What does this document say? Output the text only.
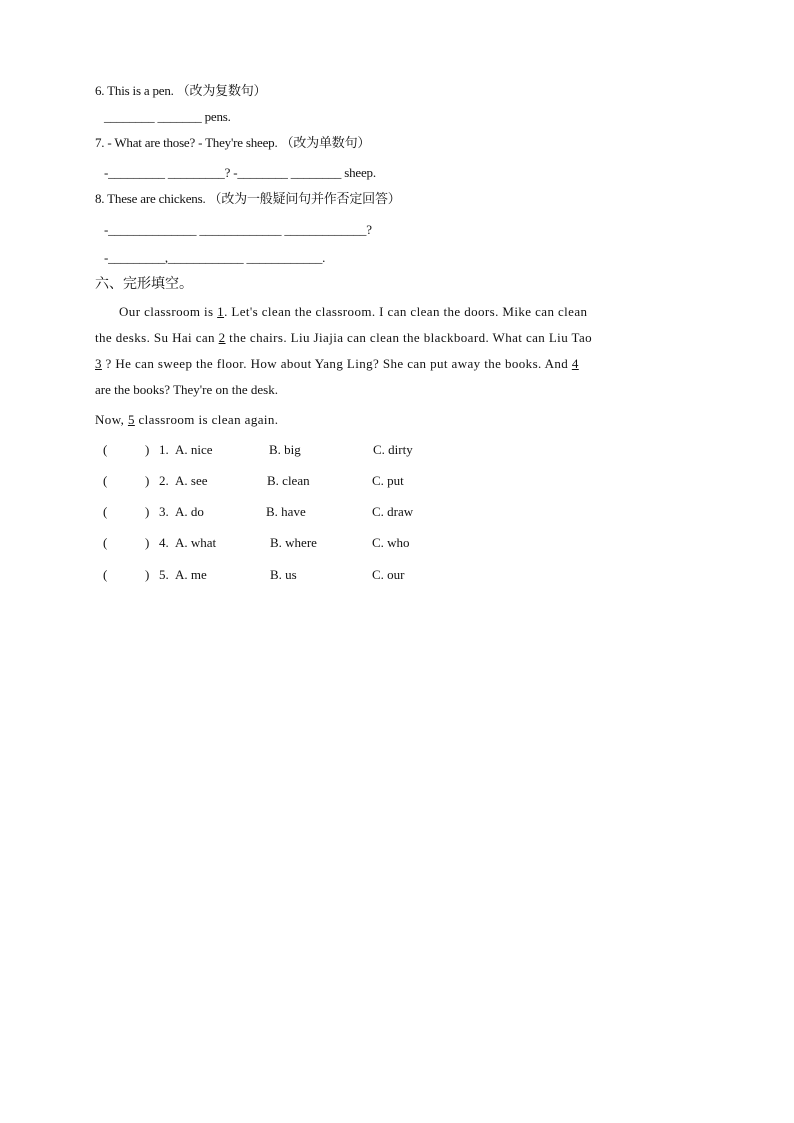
6. This is a pen. （改为复数句）
________ _______ pens.
7. - What are those? - They're sheep. （改为单数句）
-_________ _________? -________ ________ sheep.
8. These are chickens. （改为一般疑问句并作否定回答）
-______________ _____________ _____________?
-_________,____________ ____________.
六、完形填空。
Our classroom is 1. Let's clean the classroom. I can clean the doors. Mike can clean
the desks. Su Hai can 2 the chairs. Liu Jiajia can clean the blackboard. What can Liu Tao
3 ? He can sweep the floor. How about Yang Ling? She can put away the books. And 4
are the books? They're on the desk.
Now, 5 classroom is clean again.
(	) 1. A. nice	B. big	C. dirty
(	) 2. A. see	B. clean	C. put
(	) 3. A. do	B. have	C. draw
(	) 4. A. what	B. where	C. who
(	) 5. A. me	B. us	C. our
